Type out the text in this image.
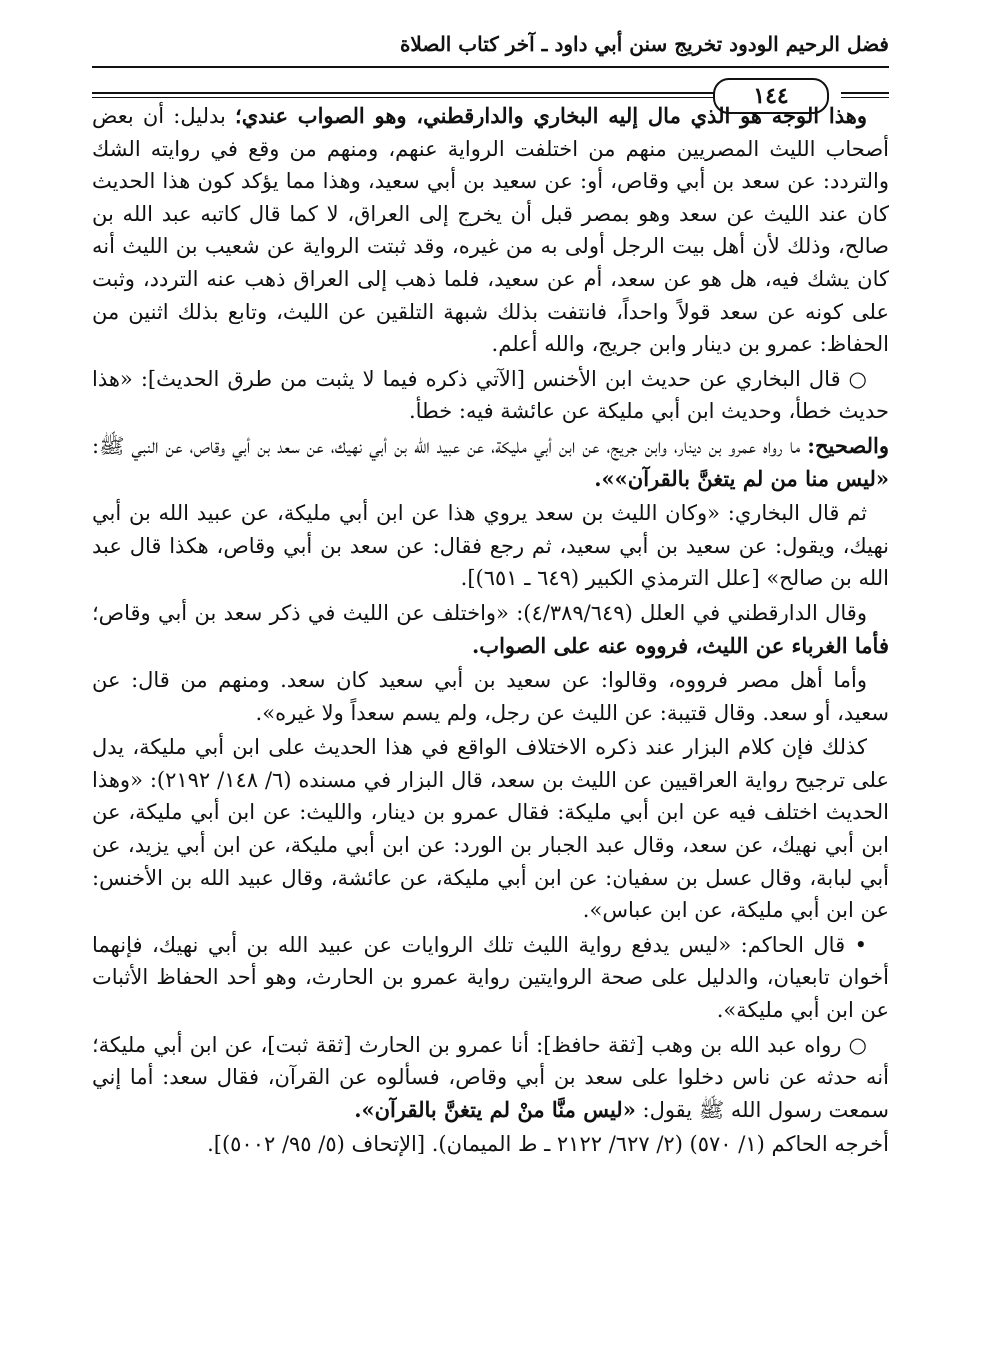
فضل الرحيم الودود تخريج سنن أبي داود ـ آخر كتاب الصلاة
١٤٤

وهذا الوجه هو الذي مال إليه البخاري والدارقطني، وهو الصواب عندي؛ بدليل: أن بعض أصحاب الليث المصريين منهم من اختلفت الرواية عنهم، ومنهم من وقع في روايته الشك والتردد: عن سعد بن أبي وقاص، أو: عن سعيد بن أبي سعيد، وهذا مما يؤكد كون هذا الحديث كان عند الليث عن سعد وهو بمصر قبل أن يخرج إلى العراق، لا كما قال كاتبه عبد الله بن صالح، وذلك لأن أهل بيت الرجل أولى به من غيره، وقد ثبتت الرواية عن شعيب بن الليث أنه كان يشك فيه، هل هو عن سعد، أم عن سعيد، فلما ذهب إلى العراق ذهب عنه التردد، وثبت على كونه عن سعد قولاً واحداً، فانتفت بذلك شبهة التلقين عن الليث، وتابع بذلك اثنين من الحفاظ: عمرو بن دينار وابن جريج، والله أعلم.

○ قال البخاري عن حديث ابن الأخنس [الآتي ذكره فيما لا يثبت من طرق الحديث]: «هذا حديث خطأ، وحديث ابن أبي مليكة عن عائشة فيه: خطأ.

والصحيح: ما رواه عمرو بن دينار، وابن جريج، عن ابن أبي مليكة، عن عبيد الله بن أبي نهيك، عن سعد بن أبي وقاص، عن النبي ﷺ: «ليس منا من لم يتغنَّ بالقرآن»».

ثم قال البخاري: «وكان الليث بن سعد يروي هذا عن ابن أبي مليكة، عن عبيد الله بن أبي نهيك، ويقول: عن سعيد بن أبي سعيد، ثم رجع فقال: عن سعد بن أبي وقاص، هكذا قال عبد الله بن صالح» [علل الترمذي الكبير (٦٤٩ ـ ٦٥١)].

وقال الدارقطني في العلل (٤/٣٨٩/٦٤٩): «واختلف عن الليث في ذكر سعد بن أبي وقاص؛ فأما الغرباء عن الليث، فرووه عنه على الصواب.

وأما أهل مصر فرووه، وقالوا: عن سعيد بن أبي سعيد كان سعد. ومنهم من قال: عن سعيد، أو سعد. وقال قتيبة: عن الليث عن رجل، ولم يسم سعداً ولا غيره».

كذلك فإن كلام البزار عند ذكره الاختلاف الواقع في هذا الحديث على ابن أبي مليكة، يدل على ترجيح رواية العراقيين عن الليث بن سعد، قال البزار في مسنده (٦/ ١٤٨/ ٢١٩٢): «وهذا الحديث اختلف فيه عن ابن أبي مليكة: فقال عمرو بن دينار، والليث: عن ابن أبي مليكة، عن ابن أبي نهيك، عن سعد، وقال عبد الجبار بن الورد: عن ابن أبي مليكة، عن ابن أبي يزيد، عن أبي لبابة، وقال عسل بن سفيان: عن ابن أبي مليكة، عن عائشة، وقال عبيد الله بن الأخنس: عن ابن أبي مليكة، عن ابن عباس».

• قال الحاكم: «ليس يدفع رواية الليث تلك الروايات عن عبيد الله بن أبي نهيك، فإنهما أخوان تابعيان، والدليل على صحة الروايتين رواية عمرو بن الحارث، وهو أحد الحفاظ الأثبات عن ابن أبي مليكة».

○ رواه عبد الله بن وهب [ثقة حافظ]: أنا عمرو بن الحارث [ثقة ثبت]، عن ابن أبي مليكة؛ أنه حدثه عن ناس دخلوا على سعد بن أبي وقاص، فسألوه عن القرآن، فقال سعد: أما إني سمعت رسول الله ﷺ يقول: «ليس منَّا منْ لم يتغنَّ بالقرآن».

أخرجه الحاكم (١/ ٥٧٠) (٢/ ٦٢٧/ ٢١٢٢ ـ ط الميمان). [الإتحاف (٥/ ٩٥/ ٥٠٠٢)].
